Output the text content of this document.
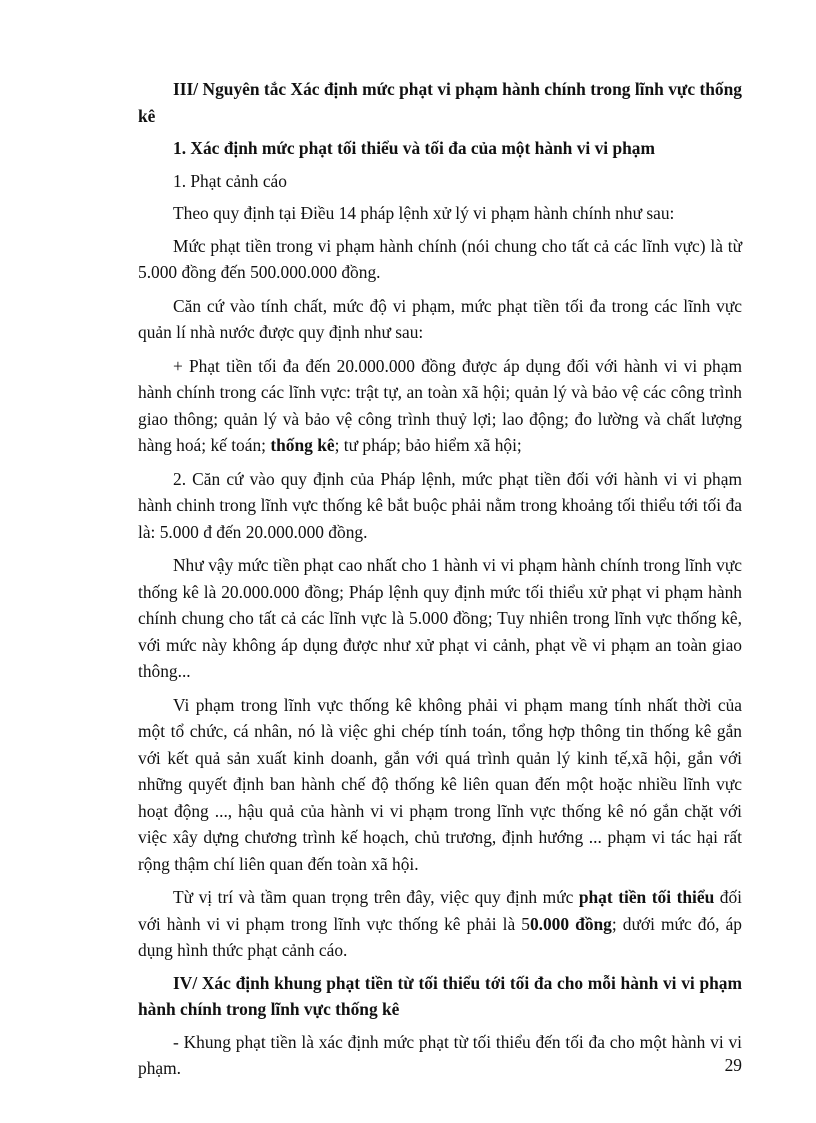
III/ Nguyên tắc Xác định mức phạt vi phạm hành chính trong lĩnh vực thống kê

1. Xác định mức phạt tối thiểu và tối đa của một hành vi vi phạm

1. Phạt cảnh cáo

Theo quy định tại Điều 14 pháp lệnh xử lý vi phạm hành chính như sau:

Mức phạt tiền trong vi phạm hành chính (nói chung cho tất cả các lĩnh vực) là từ 5.000 đồng đến 500.000.000 đồng.

Căn cứ vào tính chất, mức độ vi phạm, mức phạt tiền tối đa trong các lĩnh vực quản lí nhà nước được quy định như sau:

+ Phạt tiền tối đa đến 20.000.000 đồng được áp dụng đối với hành vi vi phạm hành chính trong các lĩnh vực: trật tự, an toàn xã hội; quản lý và bảo vệ các công trình giao thông; quản lý và bảo vệ công trình thuỷ lợi; lao động; đo lường và chất lượng hàng hoá; kế toán; thống kê; tư pháp; bảo hiểm xã hội;

2. Căn cứ vào quy định của Pháp lệnh, mức phạt tiền đối với hành vi vi phạm hành chinh trong lĩnh vực thống kê bắt buộc phải nằm trong khoảng tối thiểu tới tối đa là: 5.000 đ đến 20.000.000 đồng.

Như vậy mức tiền phạt cao nhất cho 1 hành vi vi phạm hành chính trong lĩnh vực thống kê là 20.000.000 đồng; Pháp lệnh quy định mức tối thiểu xử phạt vi phạm hành chính chung cho tất cả các lĩnh vực là 5.000 đồng; Tuy nhiên trong lĩnh vực thống kê, với mức này không áp dụng được như xử phạt vi cảnh, phạt về vi phạm an toàn giao thông...

Vi phạm trong lĩnh vực thống kê không phải vi phạm mang tính nhất thời của một tổ chức, cá nhân, nó là việc ghi chép tính toán, tổng hợp thông tin thống kê gắn với kết quả sản xuất kinh doanh, gắn với quá trình quản lý kinh tế,xã hội, gắn với những quyết định ban hành chế độ thống kê liên quan đến một hoặc nhiều lĩnh vực hoạt động ..., hậu quả của hành vi vi phạm trong lĩnh vực thống kê nó gắn chặt với việc xây dựng chương trình kế hoạch, chủ trương, định hướng ... phạm vi tác hại rất rộng thậm chí liên quan đến toàn xã hội.

Từ vị trí và tầm quan trọng trên đây, việc quy định mức phạt tiền tối thiểu đối với hành vi vi phạm trong lĩnh vực thống kê phải là 50.000 đồng; dưới mức đó, áp dụng hình thức phạt cảnh cáo.

IV/ Xác định khung phạt tiền từ tối thiểu tới tối đa cho mỗi hành vi vi phạm hành chính trong lĩnh vực thống kê

- Khung phạt tiền là xác định mức phạt từ tối thiểu đến tối đa cho một hành vi vi phạm.	29
